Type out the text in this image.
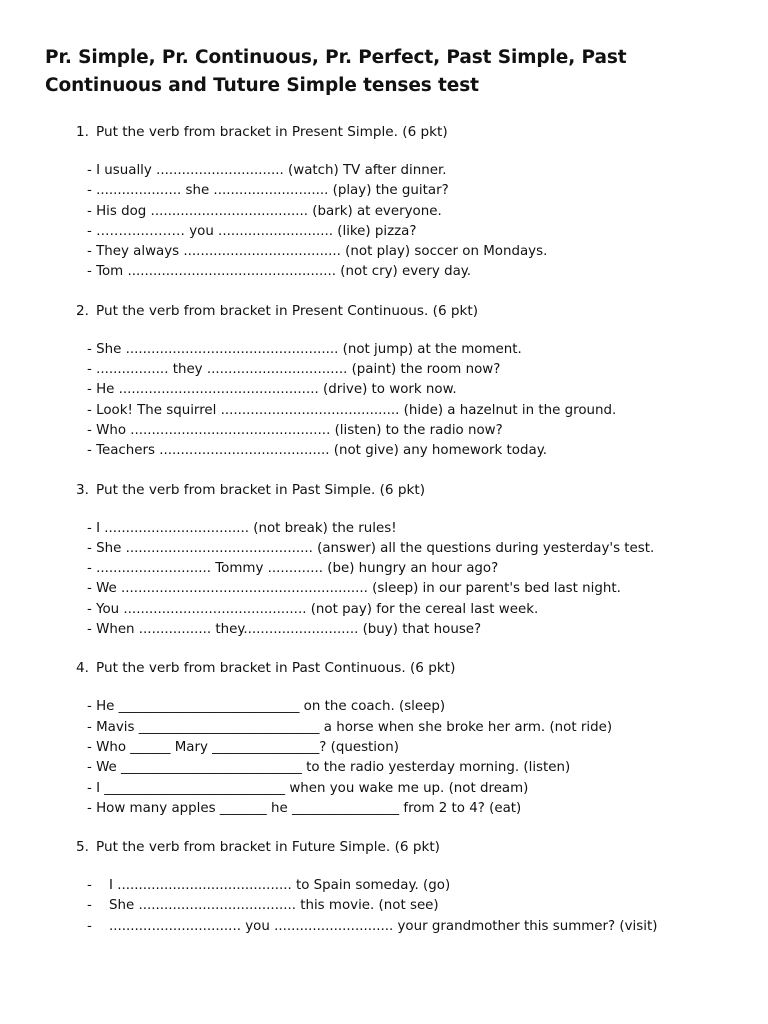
Pr. Simple, Pr. Continuous, Pr. Perfect, Past Simple, Past
Continuous and Tuture Simple tenses test
1. Put the verb from bracket in Present Simple. (6 pkt)
- I usually .............................. (watch) TV after dinner.
- .................... she ........................... (play) the guitar?
- His dog ..................................... (bark) at everyone.
- ………..……… you ........................... (like) pizza?
- They always ..................................... (not play) soccer on Mondays.
- Tom ................................................. (not cry) every day.
2. Put the verb from bracket in Present Continuous. (6 pkt)
- She .................................................. (not jump) at the moment.
- ................. they ................................. (paint) the room now?
- He ............................................... (drive) to work now.
- Look! The squirrel .......................................... (hide) a hazelnut in the ground.
- Who ............................................... (listen) to the radio now?
- Teachers ........................................ (not give) any homework today.
3. Put the verb from bracket in Past Simple. (6 pkt)
- I .................................. (not break) the rules!
- She ............................................ (answer) all the questions during yesterday's test.
- ........................... Tommy ............. (be) hungry an hour ago?
- We .......................................................... (sleep) in our parent's bed last night.
- You ........................................... (not pay) for the cereal last week.
- When ................. they........................... (buy) that house?
4. Put the verb from bracket in Past Continuous. (6 pkt)
- He ___________________________ on the coach. (sleep)
- Mavis ___________________________ a horse when she broke her arm. (not ride)
- Who ______ Mary ________________? (question)
- We ___________________________ to the radio yesterday morning. (listen)
- I ___________________________ when you wake me up. (not dream)
- How many apples _______ he ________________ from 2 to 4? (eat)
5. Put the verb from bracket in Future Simple. (6 pkt)
-	I ......................................... to Spain someday. (go)
-	She ..................................... this movie. (not see)
-	............................... you ............................ your grandmother this summer? (visit)
